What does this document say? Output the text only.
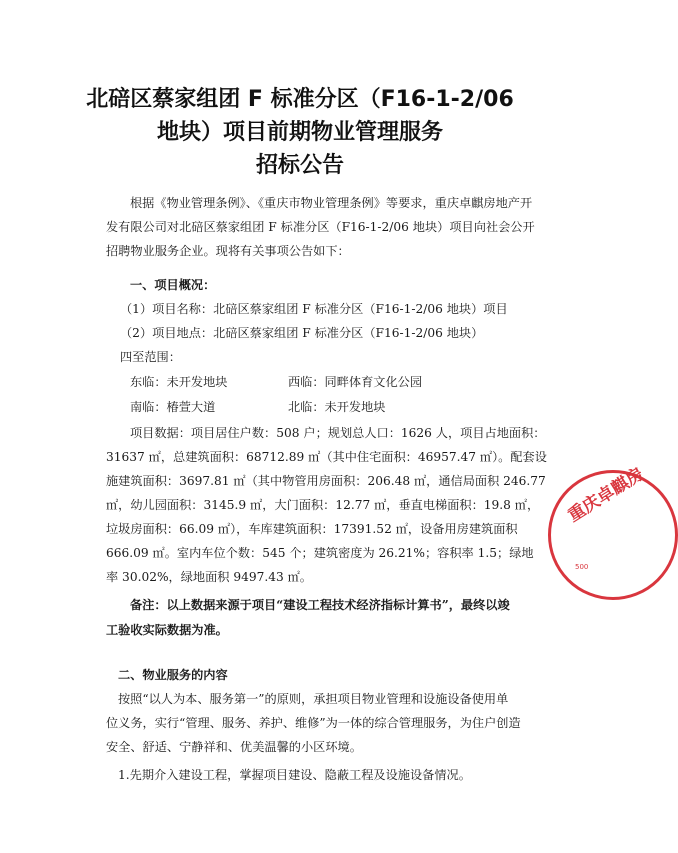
北碚区蔡家组团 F 标准分区（F16-1-2/06
地块）项目前期物业管理服务
招标公告
根据《物业管理条例》、《重庆市物业管理条例》等要求，重庆卓麒房地产开
发有限公司对北碚区蔡家组团 F 标准分区（F16-1-2/06 地块）项目向社会公开
招聘物业服务企业。现将有关事项公告如下：
一、项目概况：
（1）项目名称：北碚区蔡家组团 F 标准分区（F16-1-2/06 地块）项目
（2）项目地点：北碚区蔡家组团 F 标准分区（F16-1-2/06 地块）
四至范围：
东临：未开发地块	西临：同畔体育文化公园
南临：椿萱大道	北临：未开发地块
项目数据：项目居住户数：508 户；规划总人口：1626 人，项目占地面积：
31637 ㎡，总建筑面积：68712.89 ㎡（其中住宅面积：46957.47 ㎡）。配套设
施建筑面积：3697.81 ㎡（其中物管用房面积：206.48 ㎡，通信局面积 246.77
㎡，幼儿园面积：3145.9 ㎡，大门面积：12.77 ㎡，垂直电梯面积：19.8 ㎡，
垃圾房面积：66.09 ㎡），车库建筑面积：17391.52 ㎡，设备用房建筑面积
666.09 ㎡。室内车位个数：545 个；建筑密度为 26.21%；容积率 1.5；绿地
率 30.02%，绿地面积 9497.43 ㎡。
备注：以上数据来源于项目“建设工程技术经济指标计算书”，最终以竣
工验收实际数据为准。
二、物业服务的内容
按照“以人为本、服务第一”的原则，承担项目物业管理和设施设备使用单
位义务，实行“管理、服务、养护、维修”为一体的综合管理服务，为住户创造
安全、舒适、宁静祥和、优美温馨的小区环境。
1.先期介入建设工程，掌握项目建设、隐蔽工程及设施设备情况。
重庆卓麒房
500
